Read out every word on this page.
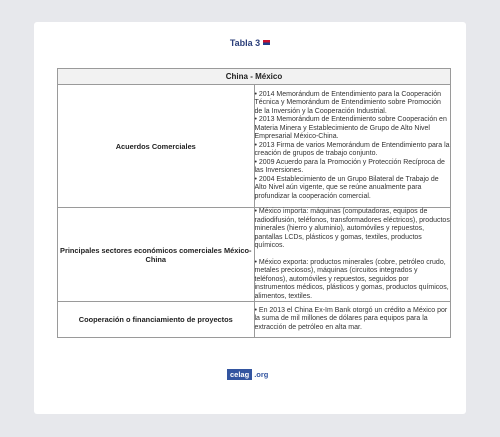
Tabla 3
China - México	
Acuerdos Comerciales	• 2014 Memorándum de Entendimiento para la Cooperación Técnica y Memorándum de Entendimiento sobre Promoción de la Inversión y la Cooperación Industrial.

• 2013 Memorándum de Entendimiento sobre Cooperación en Materia Minera y Establecimiento de Grupo de Alto Nivel Empresarial México-China.

• 2013 Firma de varios Memorándum de Entendimiento para la creación de grupos de trabajo conjunto.

• 2009 Acuerdo para la Promoción y Protección Recíproca de las Inversiones.

• 2004 Establecimiento de un Grupo Bilateral de Trabajo de Alto Nivel aún vigente, que se reúne anualmente para profundizar la cooperación comercial.

Principales sectores económicos comerciales México-China	• México importa: máquinas (computadoras, equipos de radiodifusión, teléfonos, transformadores eléctricos), productos minerales (hierro y aluminio), automóviles y repuestos, pantallas LCDs, plásticos y gomas, textiles, productos químicos.

• México exporta: productos minerales (cobre, petróleo crudo, metales preciosos), máquinas (circuitos integrados y teléfonos), automóviles y repuestos, seguidos por instrumentos médicos, plásticos y gomas, productos químicos, alimentos, textiles.

Cooperación o financiamiento de proyectos	• En 2013 el China Ex-Im Bank otorgó un crédito a México por la suma de mil millones de dólares para equipos para la extracción de petróleo en alta mar.

celag .org
